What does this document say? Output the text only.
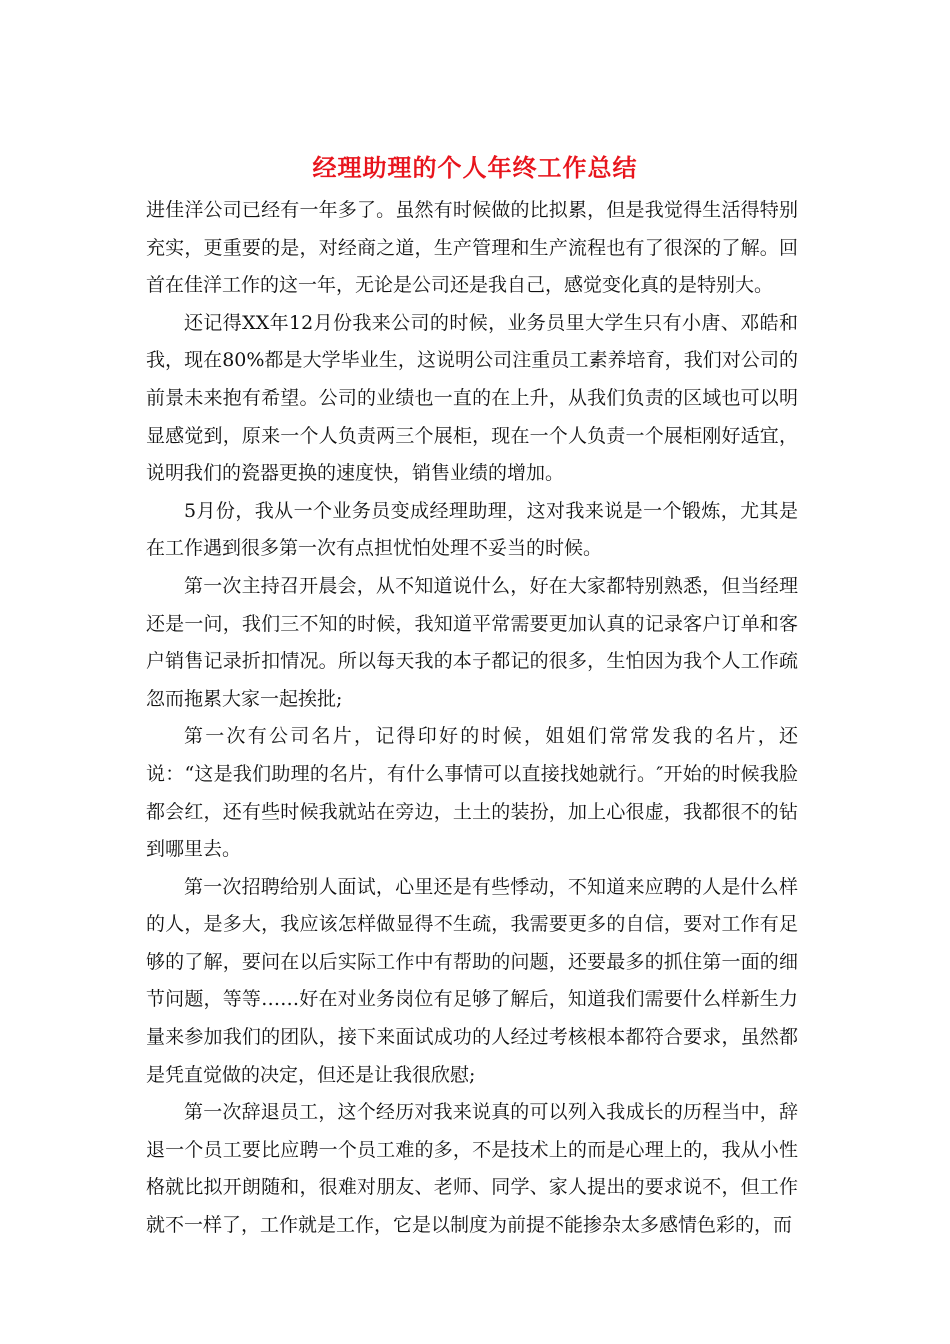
经理助理的个人年终工作总结

进佳洋公司已经有一年多了。虽然有时候做的比拟累，但是我觉得生活得特别充实，更重要的是，对经商之道，生产管理和生产流程也有了很深的了解。回首在佳洋工作的这一年，无论是公司还是我自己，感觉变化真的是特别大。

还记得XX年12月份我来公司的时候，业务员里大学生只有小唐、邓皓和我，现在80%都是大学毕业生，这说明公司注重员工素养培育，我们对公司的前景未来抱有希望。公司的业绩也一直的在上升，从我们负责的区域也可以明显感觉到，原来一个人负责两三个展柜，现在一个人负责一个展柜刚好适宜，说明我们的瓷器更换的速度快，销售业绩的增加。

5月份，我从一个业务员变成经理助理，这对我来说是一个锻炼，尤其是在工作遇到很多第一次有点担忧怕处理不妥当的时候。

第一次主持召开晨会，从不知道说什么，好在大家都特别熟悉，但当经理还是一问，我们三不知的时候，我知道平常需要更加认真的记录客户订单和客户销售记录折扣情况。所以每天我的本子都记的很多，生怕因为我个人工作疏忽而拖累大家一起挨批;

第一次有公司名片，记得印好的时候，姐姐们常常发我的名片，还说：“这是我们助理的名片，有什么事情可以直接找她就行。″开始的时候我脸都会红，还有些时候我就站在旁边，土土的装扮，加上心很虚，我都很不的钻到哪里去。

第一次招聘给别人面试，心里还是有些悸动，不知道来应聘的人是什么样的人，是多大，我应该怎样做显得不生疏，我需要更多的自信，要对工作有足够的了解，要问在以后实际工作中有帮助的问题，还要最多的抓住第一面的细节问题，等等……好在对业务岗位有足够了解后，知道我们需要什么样新生力量来参加我们的团队，接下来面试成功的人经过考核根本都符合要求，虽然都是凭直觉做的决定，但还是让我很欣慰;

第一次辞退员工，这个经历对我来说真的可以列入我成长的历程当中，辞退一个员工要比应聘一个员工难的多，不是技术上的而是心理上的，我从小性格就比拟开朗随和，很难对朋友、老师、同学、家人提出的要求说不，但工作就不一样了，工作就是工作，它是以制度为前提不能掺杂太多感情色彩的，而
